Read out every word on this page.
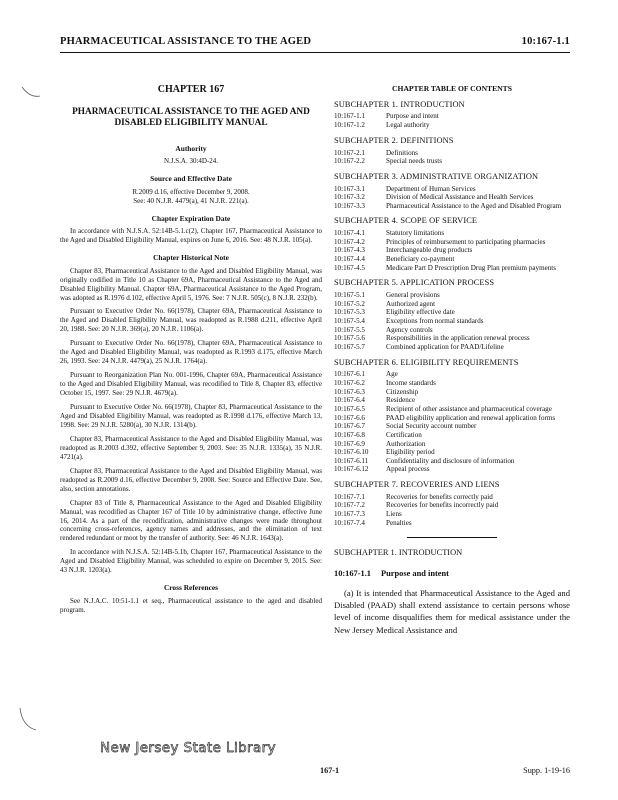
PHARMACEUTICAL ASSISTANCE TO THE AGED	10:167-1.1
CHAPTER 167
PHARMACEUTICAL ASSISTANCE TO THE AGED AND DISABLED ELIGIBILITY MANUAL
Authority
N.J.S.A. 30:4D-24.
Source and Effective Date
R.2009 d.16, effective December 9, 2008.
See: 40 N.J.R. 4479(a), 41 N.J.R. 221(a).
Chapter Expiration Date

In accordance with N.J.S.A. 52:14B-5.1.c(2), Chapter 167, Pharmaceutical Assistance to the Aged and Disabled Eligibility Manual, expires on June 6, 2016. See: 48 N.J.R. 105(a).

Chapter Historical Note

Chapter 83, Pharmaceutical Assistance to the Aged and Disabled Eligibility Manual, was originally codified in Title 10 as Chapter 69A, Pharmaceutical Assistance to the Aged and Disabled Eligibility Manual. Chapter 69A, Pharmaceutical Assistance to the Aged Program, was adopted as R.1976 d.102, effective April 5, 1976. See: 7 N.J.R. 505(c), 8 N.J.R. 232(b).

Pursuant to Executive Order No. 66(1978), Chapter 69A, Pharmaceutical Assistance to the Aged and Disabled Eligibility Manual, was readopted as R.1988 d.211, effective April 20, 1988. See: 20 N.J.R. 369(a), 20 N.J.R. 1106(a).

Pursuant to Executive Order No. 66(1978), Chapter 69A, Pharmaceutical Assistance to the Aged and Disabled Eligibility Manual, was readopted as R.1993 d.175, effective March 26, 1993. See: 24 N.J.R. 4479(a), 25 N.J.R. 1764(a).

Pursuant to Reorganization Plan No. 001-1996, Chapter 69A, Pharmaceutical Assistance to the Aged and Disabled Eligibility Manual, was recodified to Title 8, Chapter 83, effective October 15, 1997. See: 29 N.J.R. 4679(a).

Pursuant to Executive Order No. 66(1978), Chapter 83, Pharmaceutical Assistance to the Aged and Disabled Eligibility Manual, was readopted as R.1998 d.176, effective March 13, 1998. See: 29 N.J.R. 5280(a), 30 N.J.R. 1314(b).

Chapter 83, Pharmaceutical Assistance to the Aged and Disabled Eligibility Manual, was readopted as R.2003 d.392, effective September 9, 2003. See: 35 N.J.R. 1335(a), 35 N.J.R. 4721(a).

Chapter 83, Pharmaceutical Assistance to the Aged and Disabled Eligibility Manual, was readopted as R.2009 d.16, effective December 9, 2008. See: Source and Effective Date. See, also, section annotations.

Chapter 83 of Title 8, Pharmaceutical Assistance to the Aged and Disabled Eligibility Manual, was recodified as Chapter 167 of Title 10 by administrative change, effective June 16, 2014. As a part of the recodification, administrative changes were made throughout concerning cross-references, agency names and addresses, and the elimination of text rendered redundant or moot by the transfer of authority. See: 46 N.J.R. 1643(a).

In accordance with N.J.S.A. 52:14B-5.1b, Chapter 167, Pharmaceutical Assistance to the Aged and Disabled Eligibility Manual, was scheduled to expire on December 9, 2015. See: 43 N.J.R. 1203(a).

Cross References

See N.J.A.C. 10:51-1.1 et seq., Pharmaceutical assistance to the aged and disabled program.

CHAPTER TABLE OF CONTENTS
SUBCHAPTER 1. INTRODUCTION
10:167-1.1	Purpose and intent
10:167-1.2	Legal authority
SUBCHAPTER 2. DEFINITIONS
10:167-2.1	Definitions
10:167-2.2	Special needs trusts
SUBCHAPTER 3. ADMINISTRATIVE ORGANIZATION
10:167-3.1	Department of Human Services
10:167-3.2	Division of Medical Assistance and Health Services
10:167-3.3	Pharmaceutical Assistance to the Aged and Disabled Program
SUBCHAPTER 4. SCOPE OF SERVICE
10:167-4.1	Statutory limitations
10:167-4.2	Principles of reimbursement to participating pharmacies
10:167-4.3	Interchangeable drug products
10:167-4.4	Beneficiary co-payment
10:167-4.5	Medicare Part D Prescription Drug Plan premium payments
SUBCHAPTER 5. APPLICATION PROCESS
10:167-5.1	General provisions
10:167-5.2	Authorized agent
10:167-5.3	Eligibility effective date
10:167-5.4	Exceptions from normal standards
10:167-5.5	Agency controls
10:167-5.6	Responsibilities in the application renewal process
10:167-5.7	Combined application for PAAD/Lifeline
SUBCHAPTER 6. ELIGIBILITY REQUIREMENTS
10:167-6.1	Age
10:167-6.2	Income standards
10:167-6.3	Citizenship
10:167-6.4	Residence
10:167-6.5	Recipient of other assistance and pharmaceutical coverage
10:167-6.6	PAAD eligibility application and renewal application forms
10:167-6.7	Social Security account number
10:167-6.8	Certification
10:167-6.9	Authorization
10:167-6.10	Eligibility period
10:167-6.11	Confidentiality and disclosure of information
10:167-6.12	Appeal process
SUBCHAPTER 7. RECOVERIES AND LIENS
10:167-7.1	Recoveries for benefits correctly paid
10:167-7.2	Recoveries for benefits incorrectly paid
10:167-7.3	Liens
10:167-7.4	Penalties
SUBCHAPTER 1. INTRODUCTION
10:167-1.1 Purpose and intent
(a) It is intended that Pharmaceutical Assistance to the Aged and Disabled (PAAD) shall extend assistance to certain persons whose level of income disqualifies them for medical assistance under the New Jersey Medical Assistance and
New Jersey State Library
167-1	Supp. 1-19-16
